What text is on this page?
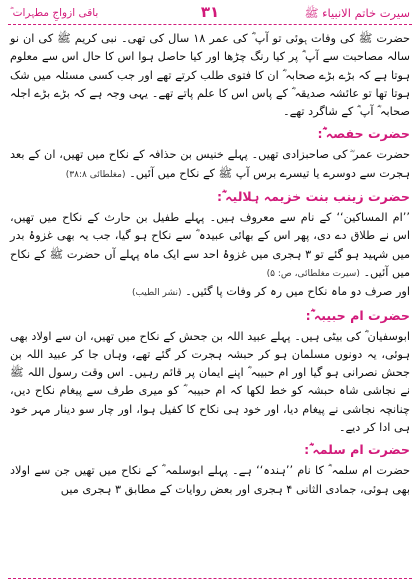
سیرت خاتم الانبیاء ﷺ
۳۱
باقی ازواجِ مطہرات ؓ

حضرت ﷺ کی وفات ہوئی تو آپ ؓ کی عمر ۱۸ سال کی تھی۔ نبی کریم ﷺ کی ان نو سالہ مصاحبت سے آپ ؓ پر کیا رنگ چڑھا اور کیا حاصل ہوا اس کا حال اس سے معلوم ہوتا ہے کہ بڑے بڑے صحابہ ؓ ان کا فتوی طلب کرتے تھے اور جب کسی مسئلہ میں شک ہوتا تھا تو عائشہ صدیقہ ؓ کے پاس اس کا علم پاتے تھے۔ یہی وجہ ہے کہ بڑے بڑے اجلہ صحابہ ؓ آپ ؓ کے شاگرد تھے۔

حضرت حفصہ ؓ:

حضرت عمر ؓ کی صاحبزادی تھیں۔ پہلے خنیس بن حذافہ کے نکاح میں تھیں، ان کے بعد ہجرت سے دوسرے یا تیسرے برس آپ ﷺ کے نکاح میں آئیں۔ (مغلطائی ۳۸:۸)

حضرت زینب بنت خزیمہ ہلالیہ ؓ:

’’ام المساکین‘‘ کے نام سے معروف ہیں۔ پہلے طفیل بن حارث کے نکاح میں تھیں، اس نے طلاق دے دی، پھر اس کے بھائی عبیدہ ؓ سے نکاح ہو گیا، جب یہ بھی غزوۂ بدر میں شہید ہو گئے تو ۳ ہجری میں غزوۂ احد سے ایک ماہ پہلے آں حضرت ﷺ کے نکاح میں آئیں۔ (سیرت مغلطائی، ص: ۵)

اور صرف دو ماہ نکاح میں رہ کر وفات پا گئیں۔ (نشر الطیب)

حضرت ام حبیبہ ؓ:

ابوسفیان ؓ کی بیٹی ہیں۔ پہلے عبید اللہ بن جحش کے نکاح میں تھیں، ان سے اولاد بھی ہوئی، یہ دونوں مسلمان ہو کر حبشہ ہجرت کر گئے تھے، وہاں جا کر عبید اللہ بن جحش نصرانی ہو گیا اور ام حبیبہ ؓ اپنے ایمان پر قائم رہیں۔ اس وقت رسول اللہ ﷺ نے نجاشی شاہ حبشہ کو خط لکھا کہ ام حبیبہ ؓ کو میری طرف سے پیغام نکاح دیں، چنانچہ نجاشی نے پیغام دیا، اور خود ہی نکاح کا کفیل ہوا، اور چار سو دینار مہر خود ہی ادا کر دیے۔

حضرت ام سلمہ ؓ:

حضرت ام سلمہ ؓ کا نام ’’ہندہ‘‘ ہے۔ پہلے ابوسلمہ ؓ کے نکاح میں تھیں جن سے اولاد بھی ہوئی، جمادی الثانی ۴ ہجری اور بعض روایات کے مطابق ۳ ہجری میں
